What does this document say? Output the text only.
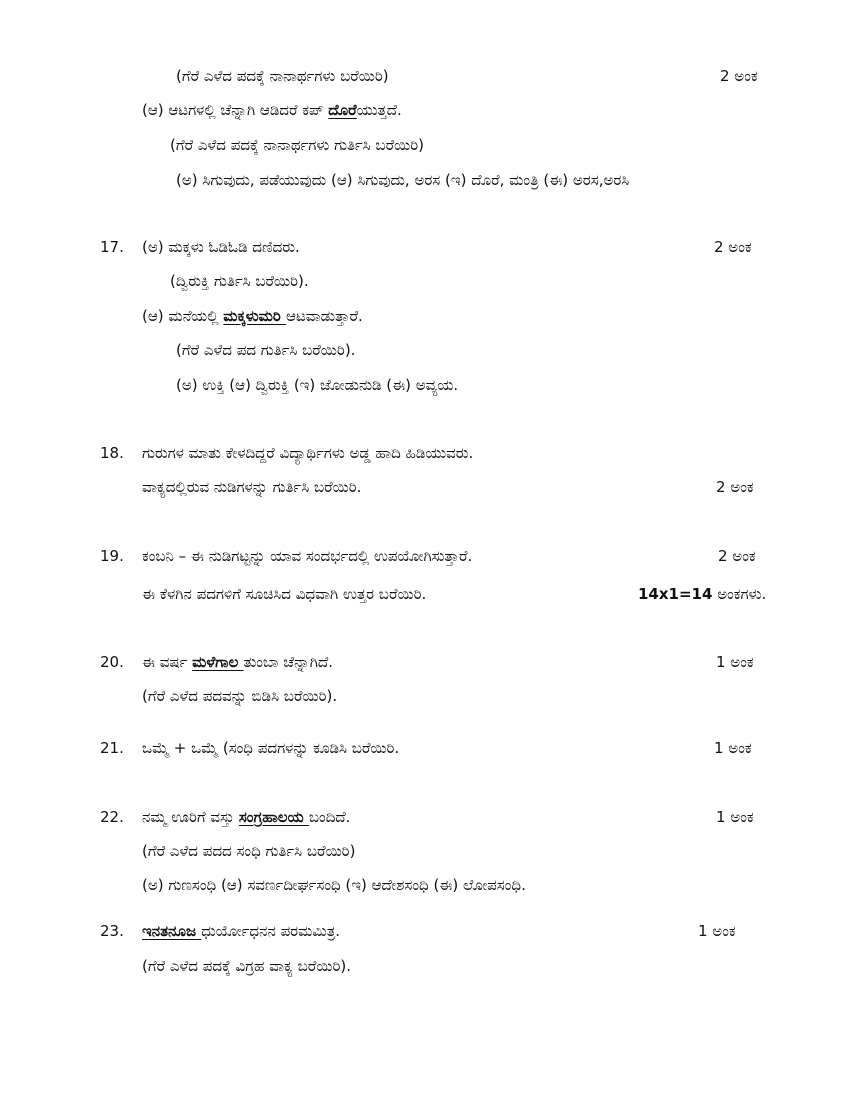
(ಗೆರೆ ಎಳೆದ ಪದಕ್ಕೆ ನಾನಾರ್ಥಗಳು ಬರೆಯಿರಿ)	2 ಅಂಕ
(ಆ) ಆಟಗಳಲ್ಲಿ ಚೆನ್ನಾಗಿ ಆಡಿದರೆ ಕಪ್ ದೊರೆಯುತ್ತದೆ.
(ಗೆರೆ ಎಳೆದ ಪದಕ್ಕೆ ನಾನಾರ್ಥಗಳು ಗುರ್ತಿಸಿ ಬರೆಯಿರಿ)
(ಅ) ಸಿಗುವುದು, ಪಡೆಯುವುದು (ಆ) ಸಿಗುವುದು, ಅರಸ (ಇ) ದೊರೆ, ಮಂತ್ರಿ (ಈ) ಅರಸ,ಅರಸಿ
17. (ಅ) ಮಕ್ಕಳು ಓಡಿಓಡಿ ದಣಿದರು.	2 ಅಂಕ
(ದ್ವಿರುಕ್ತಿ ಗುರ್ತಿಸಿ ಬರೆಯಿರಿ).
(ಆ) ಮನೆಯಲ್ಲಿ ಮಕ್ಕಳುಮರಿ ಆಟವಾಡುತ್ತಾರೆ.
(ಗೆರೆ ಎಳೆದ ಪದ ಗುರ್ತಿಸಿ ಬರೆಯಿರಿ).
(ಅ) ಉಕ್ತಿ (ಆ) ದ್ವಿರುಕ್ತಿ (ಇ) ಜೋಡುನುಡಿ (ಈ) ಅವ್ಯಯ.
18. ಗುರುಗಳ ಮಾತು ಕೇಳದಿದ್ದರೆ ವಿದ್ಯಾರ್ಥಿಗಳು ಅಡ್ಡ ಹಾದಿ ಹಿಡಿಯುವರು.
ವಾಕ್ಯದಲ್ಲಿರುವ ನುಡಿಗಳನ್ನು ಗುರ್ತಿಸಿ ಬರೆಯಿರಿ.	2 ಅಂಕ
19. ಕಂಬನಿ – ಈ ನುಡಿಗಟ್ಟನ್ನು ಯಾವ ಸಂದರ್ಭದಲ್ಲಿ ಉಪಯೋಗಿಸುತ್ತಾರೆ.	2 ಅಂಕ
ಈ ಕೆಳಗಿನ ಪದಗಳಿಗೆ ಸೂಚಿಸಿದ ವಿಧವಾಗಿ ಉತ್ತರ ಬರೆಯಿರಿ.	14x1=14 ಅಂಕಗಳು.
20. ಈ ವರ್ಷ ಮಳೆಗಾಲ ತುಂಬಾ ಚೆನ್ನಾಗಿದೆ.	1 ಅಂಕ
(ಗೆರೆ ಎಳೆದ ಪದವನ್ನು ಬಿಡಿಸಿ ಬರೆಯಿರಿ).
21. ಒಮ್ಮೆ + ಒಮ್ಮೆ (ಸಂಧಿ ಪದಗಳನ್ನು ಕೂಡಿಸಿ ಬರೆಯಿರಿ.	1 ಅಂಕ
22. ನಮ್ಮ ಊರಿಗೆ ವಸ್ತು ಸಂಗ್ರಹಾಲಯ ಬಂದಿದೆ.	1 ಅಂಕ
(ಗೆರೆ ಎಳೆದ ಪದದ ಸಂಧಿ ಗುರ್ತಿಸಿ ಬರೆಯಿರಿ)
(ಅ) ಗುಣಸಂಧಿ (ಆ) ಸವರ್ಣದೀರ್ಘಸಂಧಿ (ಇ) ಆದೇಶಸಂಧಿ (ಈ) ಲೋಪಸಂಧಿ.
23. ಇನತನೂಜ ಧುರ್ಯೋಧನನ ಪರಮಮಿತ್ರ.	1 ಅಂಕ
(ಗೆರೆ ಎಳೆದ ಪದಕ್ಕೆ ವಿಗ್ರಹ ವಾಕ್ಯ ಬರೆಯಿರಿ).
